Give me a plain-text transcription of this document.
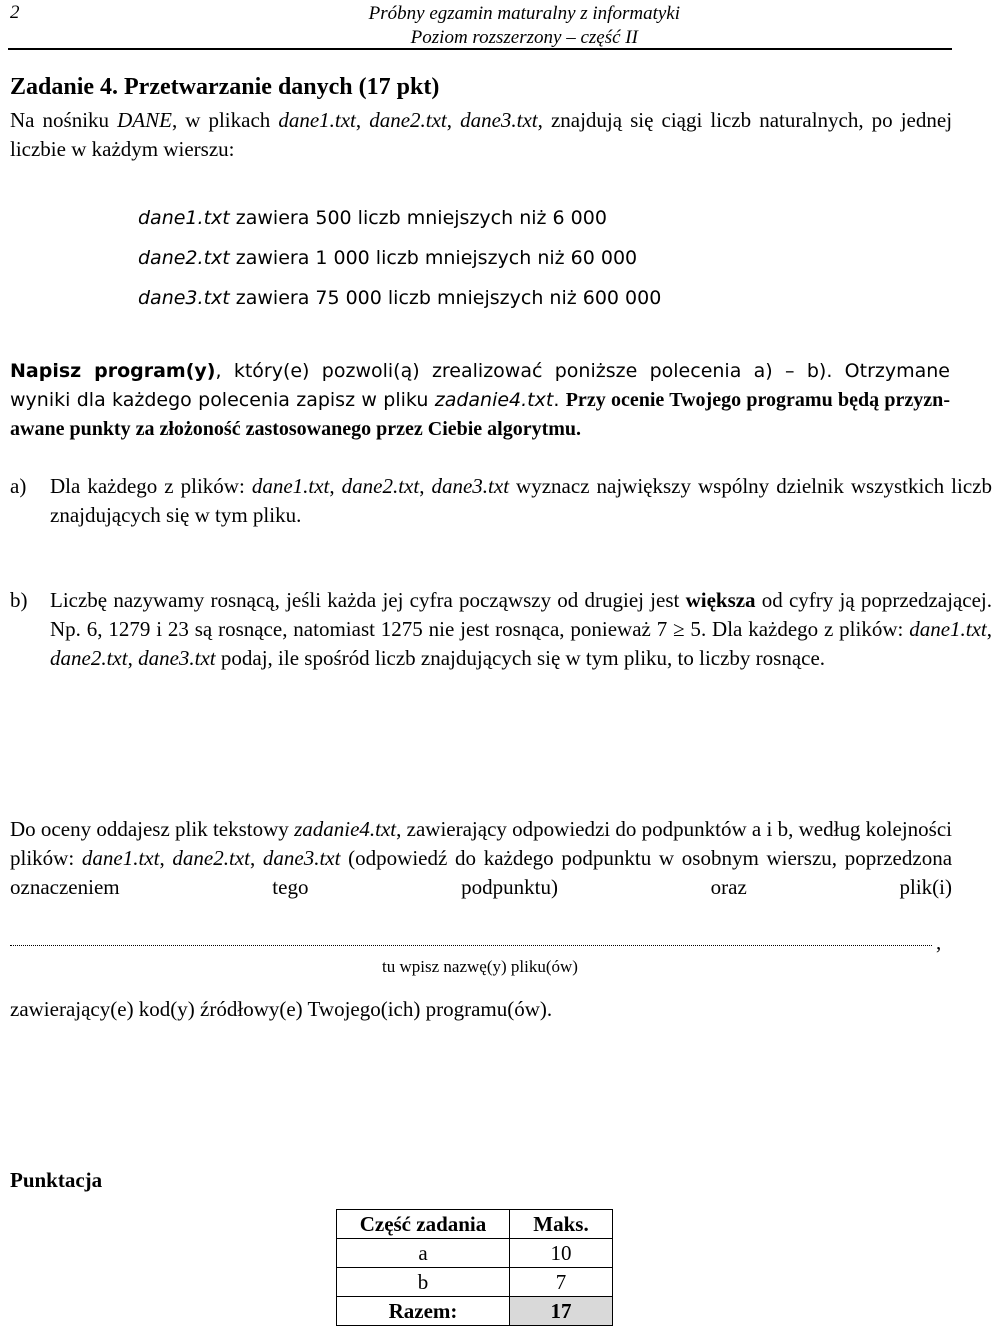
2	Próbny egzamin maturalny z informatyki
Poziom rozszerzony – część II
Zadanie 4. Przetwarzanie danych (17 pkt)
Na nośniku DANE, w plikach dane1.txt, dane2.txt, dane3.txt, znajdują się ciągi liczb naturalnych, po jednej liczbie w każdym wierszu:
dane1.txt zawiera 500 liczb mniejszych niż 6 000
dane2.txt zawiera 1 000 liczb mniejszych niż 60 000
dane3.txt zawiera 75 000 liczb mniejszych niż 600 000
Napisz program(y), który(e) pozwoli(ą) zrealizować poniższe polecenia a) – b). Otrzymane wyniki dla każdego polecenia zapisz w pliku zadanie4.txt. Przy ocenie Twojego programu będą przyznawane punkty za złożoność zastosowanego przez Ciebie algorytmu.
a) Dla każdego z plików: dane1.txt, dane2.txt, dane3.txt wyznacz największy wspólny dzielnik wszystkich liczb znajdujących się w tym pliku.
b) Liczbę nazywamy rosnącą, jeśli każda jej cyfra począwszy od drugiej jest większa od cyfry ją poprzedzającej. Np. 6, 1279 i 23 są rosnące, natomiast 1275 nie jest rosnąca, ponieważ 7 ≥ 5. Dla każdego z plików: dane1.txt, dane2.txt, dane3.txt podaj, ile spośród liczb znajdujących się w tym pliku, to liczby rosnące.
Do oceny oddajesz plik tekstowy zadanie4.txt, zawierający odpowiedzi do podpunktów a i b, według kolejności plików: dane1.txt, dane2.txt, dane3.txt (odpowiedź do każdego podpunktu w osobnym wierszu, poprzedzona oznaczeniem tego podpunktu) oraz plik(i)
,
tu wpisz nazwę(y) pliku(ów)
zawierający(e) kod(y) źródłowy(e) Twojego(ich) programu(ów).
Punktacja
Część zadania	Maks.
a	10
b	7
Razem:	17
